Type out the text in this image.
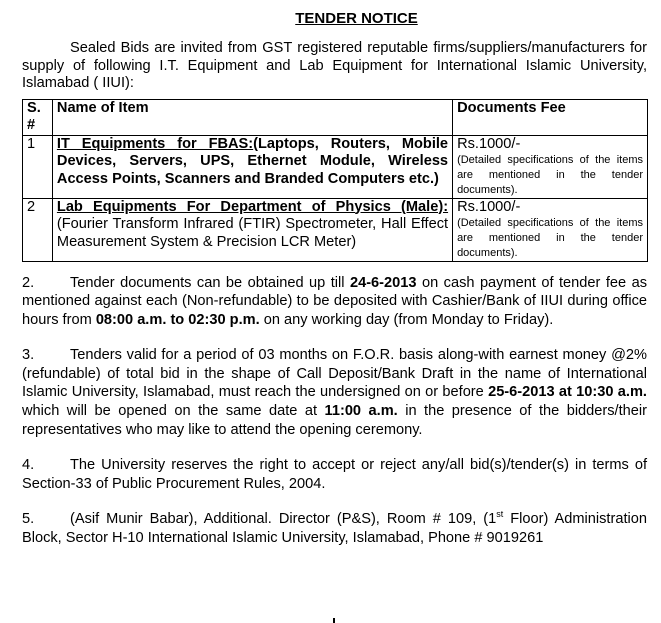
TENDER NOTICE
Sealed Bids are invited from GST registered reputable firms/suppliers/manufacturers for supply of following I.T. Equipment and Lab Equipment for International Islamic University, Islamabad ( IIUI):
S. #	Name of Item	Documents Fee
1	IT Equipments for FBAS:(Laptops, Routers, Mobile Devices, Servers, UPS, Ethernet Module, Wireless Access Points, Scanners and Branded Computers etc.)	Rs.1000/-
(Detailed specifications of the items are mentioned in the tender documents).

2	Lab Equipments For Department of Physics (Male):(Fourier Transform Infrared (FTIR) Spectrometer, Hall Effect Measurement System & Precision LCR Meter)	Rs.1000/-
(Detailed specifications of the items are mentioned in the tender documents).
2. Tender documents can be obtained up till 24-6-2013 on cash payment of tender fee as mentioned against each (Non-refundable) to be deposited with Cashier/Bank of IIUI during office hours from 08:00 a.m. to 02:30 p.m. on any working day (from Monday to Friday).
3. Tenders valid for a period of 03 months on F.O.R. basis along-with earnest money @2% (refundable) of total bid in the shape of Call Deposit/Bank Draft in the name of International Islamic University, Islamabad, must reach the undersigned on or before 25-6-2013 at 10:30 a.m. which will be opened on the same date at 11:00 a.m. in the presence of the bidders/their representatives who may like to attend the opening ceremony.
4. The University reserves the right to accept or reject any/all bid(s)/tender(s) in terms of Section-33 of Public Procurement Rules, 2004.
5. (Asif Munir Babar), Additional. Director (P&S), Room # 109, (1st Floor) Administration Block, Sector H-10 International Islamic University, Islamabad, Phone # 9019261
